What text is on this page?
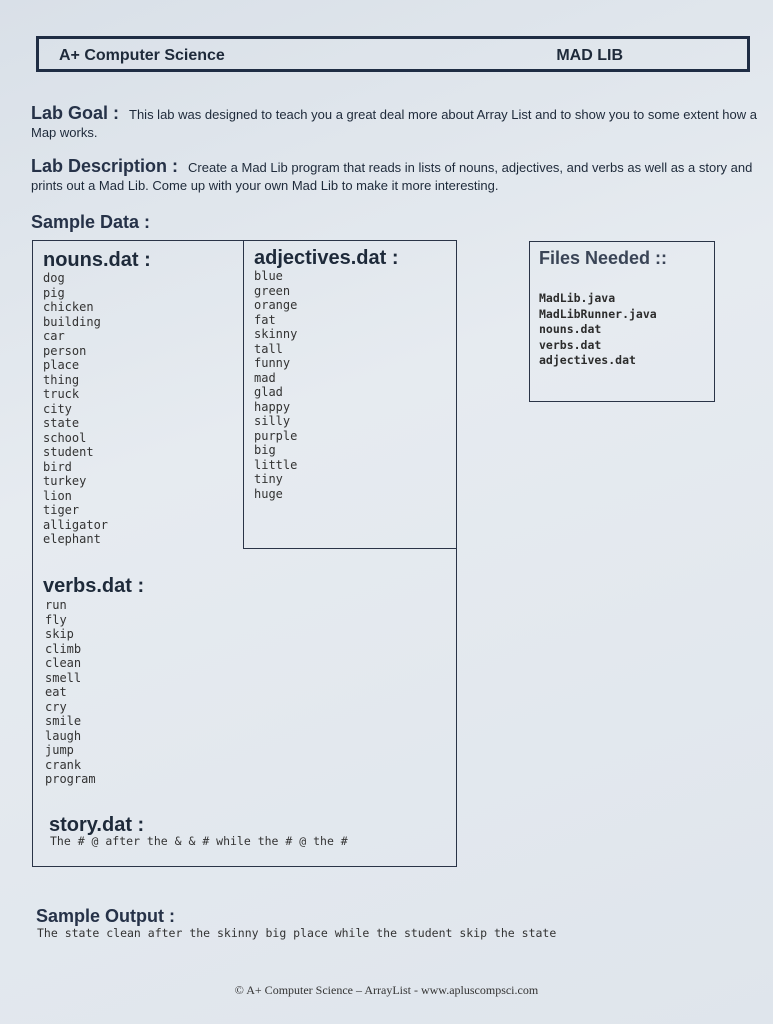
A+ Computer Science	MAD LIB
Lab Goal : This lab was designed to teach you a great deal more about Array List and to show you to some extent how a Map works.
Lab Description : Create a Mad Lib program that reads in lists of nouns, adjectives, and verbs as well as a story and prints out a Mad Lib. Come up with your own Mad Lib to make it more interesting.
Sample Data :
nouns.dat :
dog
pig
chicken
building
car
person
place
thing
truck
city
state
school
student
bird
turkey
lion
tiger
alligator
elephant
adjectives.dat :
blue
green
orange
fat
skinny
tall
funny
mad
glad
happy
silly
purple
big
little
tiny
huge
verbs.dat :
run
fly
skip
climb
clean
smell
eat
cry
smile
laugh
jump
crank
program
story.dat :
The # @ after the & & # while the # @ the #
Files Needed ::
MadLib.java
MadLibRunner.java
nouns.dat
verbs.dat
adjectives.dat
Sample Output :
The state clean after the skinny big place while the student skip the state
© A+ Computer Science – ArrayList - www.apluscompsci.com
